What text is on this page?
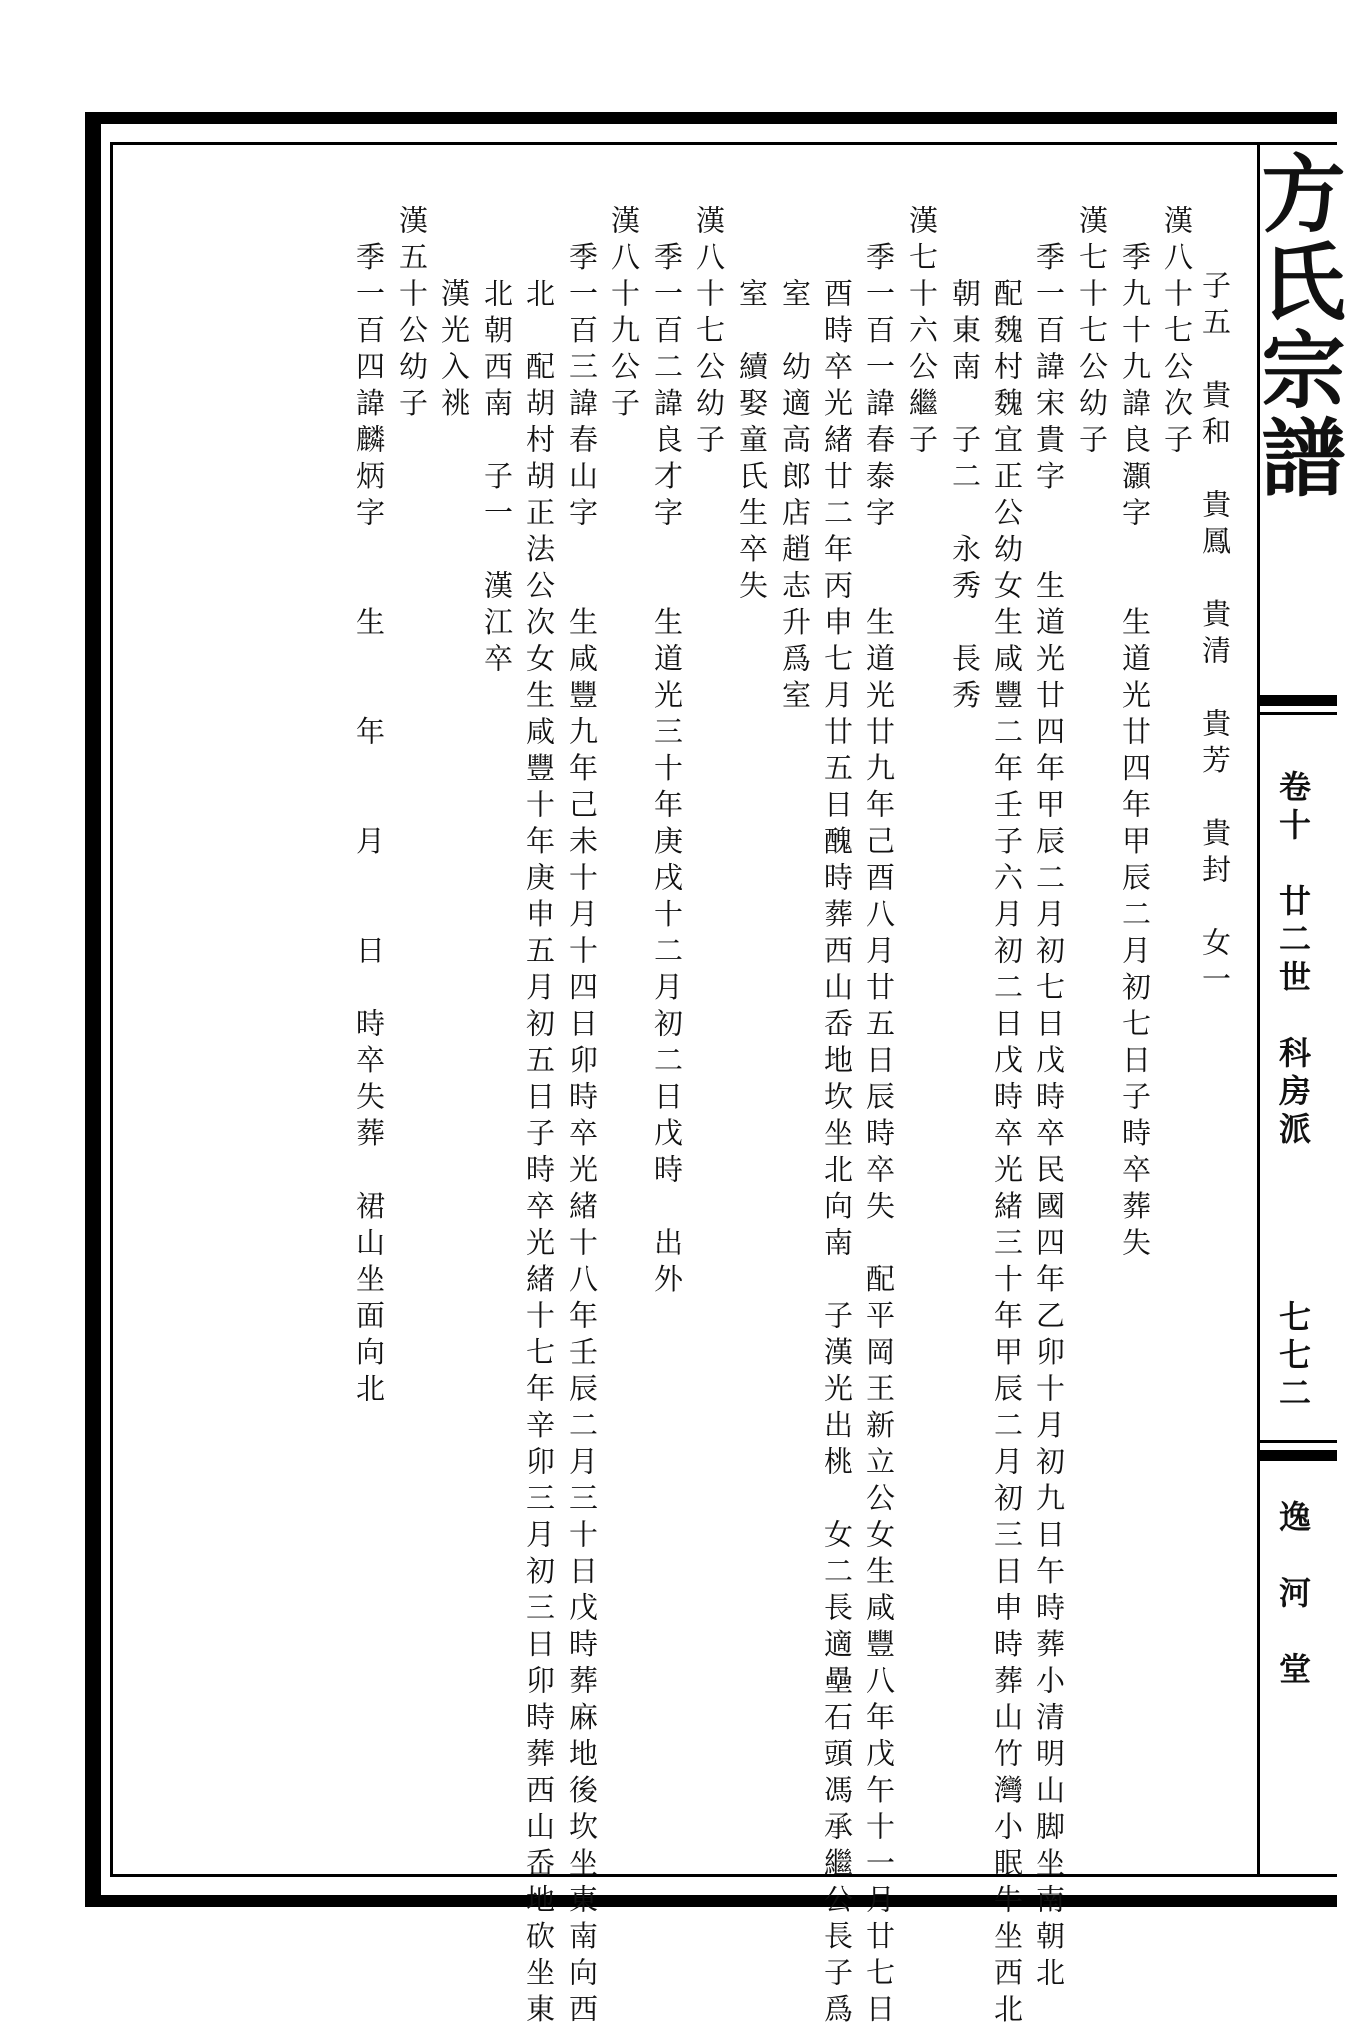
方氏宗譜
卷十　廿二世　科房派
七七二
逸　河　堂
子五　貴和　貴鳳　貴清　貴芳　貴封　女一
漢八十七公次子
　季九十九諱良灝字　　生道光廿四年甲辰二月初七日子時卒葬失
漢七十七公幼子
　季一百諱宋貴字　　生道光廿四年甲辰二月初七日戊時卒民國四年乙卯十月初九日午時葬小清明山脚坐南朝北
　　配魏村魏宜正公幼女生咸豐二年壬子六月初二日戊時卒光緒三十年甲辰二月初三日申時葬山竹灣小眠牛坐西北
　　朝東南　子二　永秀　長秀
漢七十六公繼子
　季一百一諱春泰字　　生道光廿九年己酉八月廿五日辰時卒失　配平岡王新立公女生咸豐八年戊午十一月廿七日
　　酉時卒光緒廿二年丙申七月廿五日醜時葬西山岙地坎坐北向南　子漢光出桃　女二長適壘石頭馮承繼公長子爲
　　室　幼適高郎店趙志升爲室
　　室　續娶童氏生卒失
漢八十七公幼子
　季一百二諱良才字　　生道光三十年庚戌十二月初二日戊時　出外
漢八十九公子
　季一百三諱春山字　　生咸豐九年己未十月十四日卯時卒光緒十八年壬辰二月三十日戊時葬麻地後坎坐東南向西
　　北　配胡村胡正法公次女生咸豐十年庚申五月初五日子時卒光緒十七年辛卯三月初三日卯時葬西山岙地砍坐東
　　北朝西南　子一　漢江卒
　　漢光入祧
漢五十公幼子
　季一百四諱麟炳字　　生　　年　　月　　日　時卒失葬　裙山坐面向北
